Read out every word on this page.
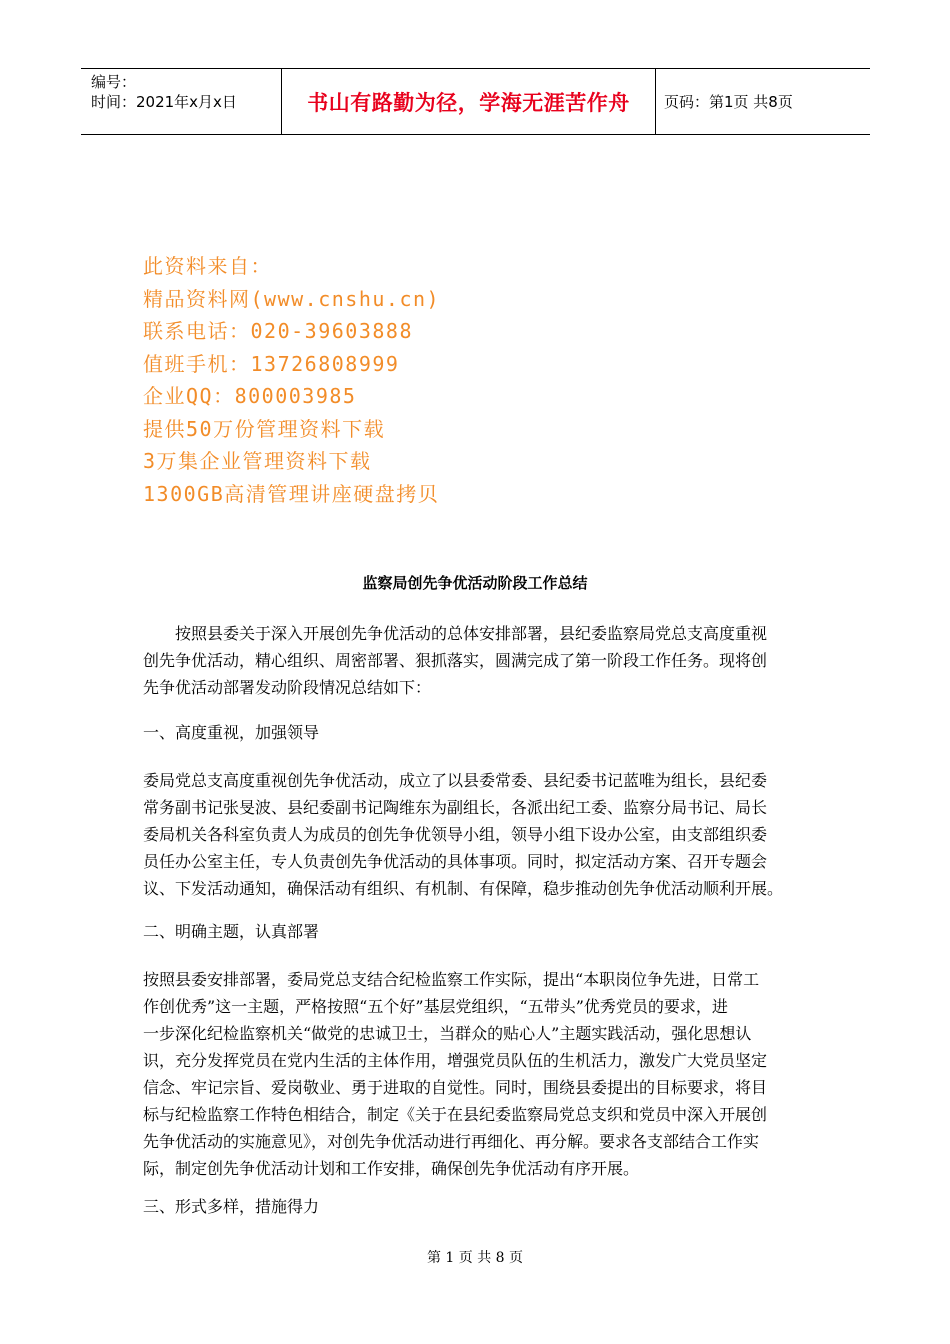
编号：
时间：2021年x月x日	书山有路勤为径，学海无涯苦作舟 页码：第1页 共8页
此资料来自：
精品资料网(www.cnshu.cn)
联系电话：020-39603888
值班手机：13726808999
企业QQ：800003985
提供50万份管理资料下载
3万集企业管理资料下载
1300GB高清管理讲座硬盘拷贝
监察局创先争优活动阶段工作总结
按照县委关于深入开展创先争优活动的总体安排部署，县纪委监察局党总支高度重视
创先争优活动，精心组织、周密部署、狠抓落实，圆满完成了第一阶段工作任务。现将创
先争优活动部署发动阶段情况总结如下：
一、高度重视，加强领导
委局党总支高度重视创先争优活动，成立了以县委常委、县纪委书记蓝唯为组长，县纪委
常务副书记张旻波、县纪委副书记陶维东为副组长，各派出纪工委、监察分局书记、局长
委局机关各科室负责人为成员的创先争优领导小组，领导小组下设办公室，由支部组织委
员任办公室主任，专人负责创先争优活动的具体事项。同时，拟定活动方案、召开专题会
议、下发活动通知，确保活动有组织、有机制、有保障，稳步推动创先争优活动顺利开展。
二、明确主题，认真部署
按照县委安排部署，委局党总支结合纪检监察工作实际，提出“本职岗位争先进，日常工
作创优秀”这一主题，严格按照“五个好”基层党组织，“五带头”优秀党员的要求，进
一步深化纪检监察机关“做党的忠诚卫士，当群众的贴心人”主题实践活动，强化思想认
识，充分发挥党员在党内生活的主体作用，增强党员队伍的生机活力，激发广大党员坚定
信念、牢记宗旨、爱岗敬业、勇于进取的自觉性。同时，围绕县委提出的目标要求，将目
标与纪检监察工作特色相结合，制定《关于在县纪委监察局党总支织和党员中深入开展创
先争优活动的实施意见》，对创先争优活动进行再细化、再分解。要求各支部结合工作实
际，制定创先争优活动计划和工作安排，确保创先争优活动有序开展。
三、形式多样，措施得力
第 1 页 共 8 页
